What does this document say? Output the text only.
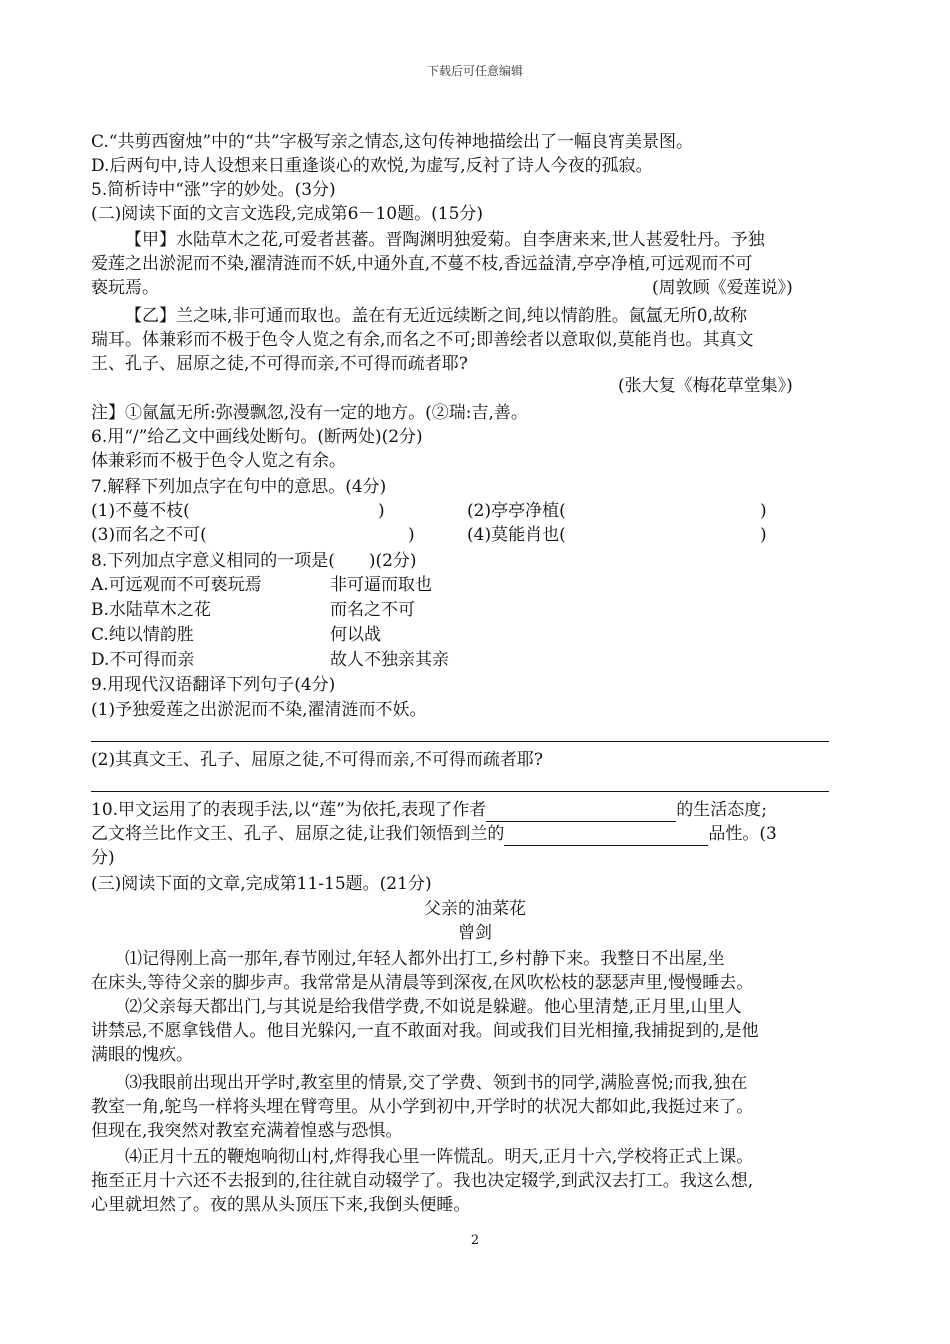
下载后可任意编辑
C.“共剪西窗烛”中的“共”字极写亲之情态,这句传神地描绘出了一幅良宵美景图。
D.后两句中,诗人设想来日重逢谈心的欢悦,为虚写,反衬了诗人今夜的孤寂。
5.简析诗中“涨”字的妙处。(3分)
(二)阅读下面的文言文选段,完成第6－10题。(15分)
【甲】水陆草木之花,可爱者甚蕃。晋陶渊明独爱菊。自李唐来来,世人甚爱牡丹。予独
爱莲之出淤泥而不染,濯清涟而不妖,中通外直,不蔓不枝,香远益清,亭亭净植,可远观而不可
亵玩焉。	(周敦顾《爱莲说》)
【乙】兰之味,非可通而取也。盖在有无近远续断之间,纯以情韵胜。氤氲无所0,故称
瑞耳。体兼彩而不极于色令人览之有余,而名之不可;即善绘者以意取似,莫能肖也。其真文
王、孔子、屈原之徒,不可得而亲,不可得而疏者耶?
(张大复《梅花草堂集》)
注】①氤氲无所:弥漫飘忽,没有一定的地方。(②瑞:吉,善。
6.用“/”给乙文中画线处断句。(断两处)(2分)
体兼彩而不极于色令人览之有余。
7.解释下列加点字在句中的意思。(4分)
(1)不蔓不枝(	)	(2)亭亭净植(	)
(3)而名之不可(	)	(4)莫能肖也(	)
8.下列加点字意义相同的一项是(　　)(2分)
A.可远观而不可亵玩焉	非可逼而取也
B.水陆草木之花	而名之不可
C.纯以情韵胜	何以战
D.不可得而亲	故人不独亲其亲
9.用现代汉语翻译下列句子(4分)
(1)予独爱莲之出淤泥而不染,濯清涟而不妖。
(2)其真文王、孔子、屈原之徒,不可得而亲,不可得而疏者耶?
10.甲文运用了的表现手法,以“莲”为依托,表现了作者	的生活态度;
乙文将兰比作文王、孔子、屈原之徒,让我们领悟到兰的	品性。(3
分)
(三)阅读下面的文章,完成第11-15题。(21分)
父亲的油菜花
曾剑
⑴记得刚上高一那年,春节刚过,年轻人都外出打工,乡村静下来。我整日不出屋,坐
在床头,等待父亲的脚步声。我常常是从清晨等到深夜,在风吹松枝的瑟瑟声里,慢慢睡去。
⑵父亲每天都出门,与其说是给我借学费,不如说是躲避。他心里清楚,正月里,山里人
讲禁忌,不愿拿钱借人。他目光躲闪,一直不敢面对我。间或我们目光相撞,我捕捉到的,是他
满眼的愧疚。
⑶我眼前出现出开学时,教室里的情景,交了学费、领到书的同学,满脸喜悦;而我,独在
教室一角,鸵鸟一样将头埋在臂弯里。从小学到初中,开学时的状况大都如此,我挺过来了。
但现在,我突然对教室充满着惶惑与恐惧。
⑷正月十五的鞭炮响彻山村,炸得我心里一阵慌乱。明天,正月十六,学校将正式上课。
拖至正月十六还不去报到的,往往就自动辍学了。我也决定辍学,到武汉去打工。我这么想,
心里就坦然了。夜的黑从头顶压下来,我倒头便睡。
2
